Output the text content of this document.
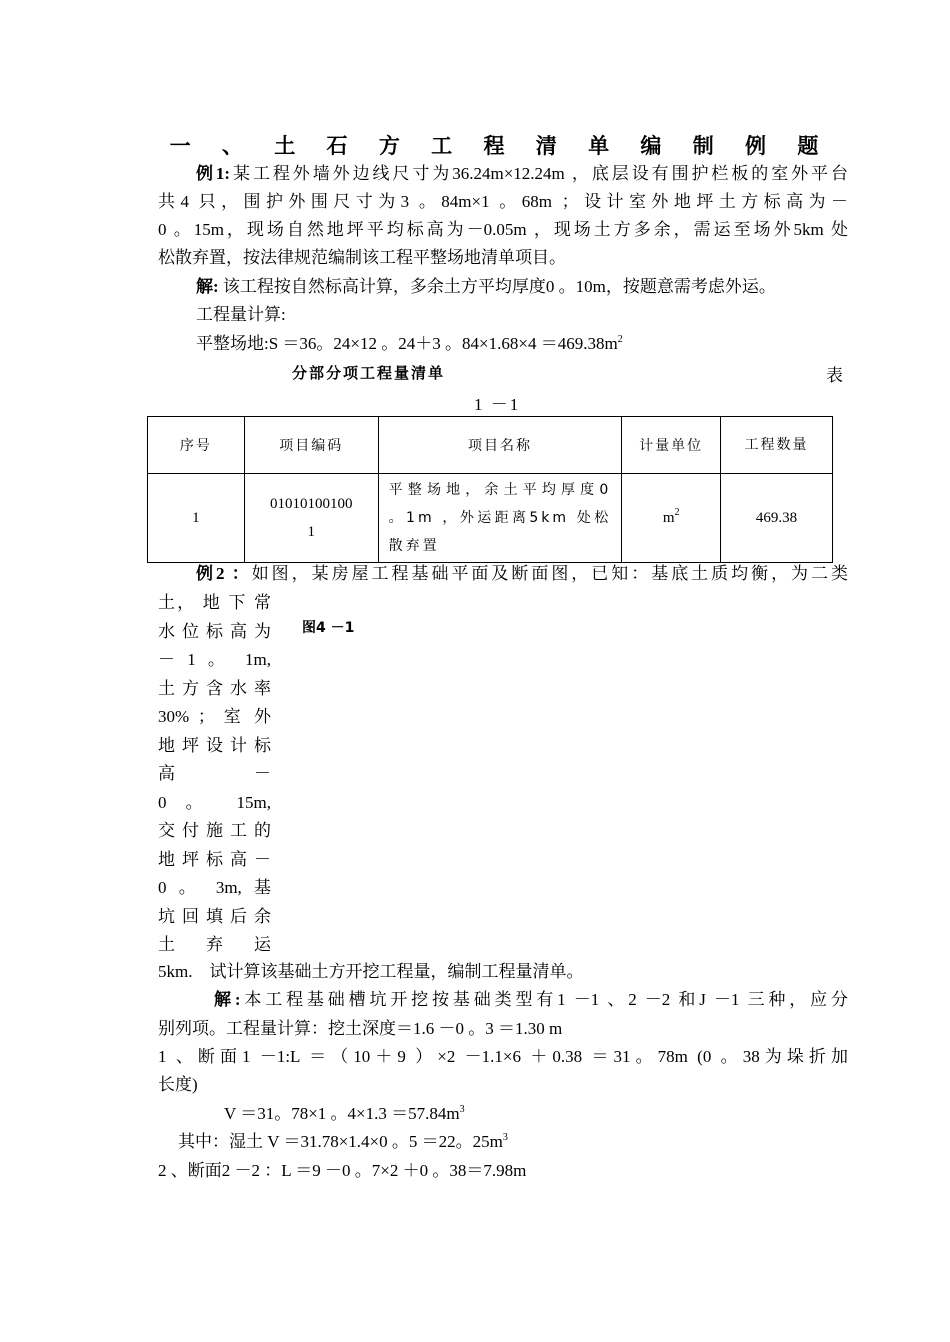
一 、 土 石 方 工 程 清 单 编 制 例 题
例1:某工程外墙外边线尺寸为36.24m×12.24m ，底层设有围护栏板的室外平台
共4 只，围护外围尺寸为3 。84m×1 。68m ；设计室外地坪土方标高为－
0 。15m，现场自然地坪平均标高为－0.05m ，现场土方多余，需运至场外5km 处
松散弃置，按法律规范编制该工程平整场地清单项目。
解: 该工程按自然标高计算，多余土方平均厚度0 。10m，按题意需考虑外运。
工程量计算:
平整场地:S ＝36。24×12 。24＋3 。$84\times 1.68\times 4 =469.38m^2$
分部分项工程量清单	表
1 －1
序号	项目编码	项目名称	计量单位	工程数量
1	010101001001	平整场地，余土平均厚度0 。1m ，外运距离5km 处松散弃置	$m^2$	469.38
例2 ：如图，某房屋工程基础平面及断面图，已知：基底土质均衡，为二类
土， 地 下 常
水 位 标 高 为
－ 1 。 1m,
土 方 含 水 率
30% ； 室 外
地 坪 设 计 标
高 －
0 。 15m,
交 付 施 工 的
地 坪 标 高 －
0 。 3m, 基
坑 回 填 后 余
土 弃 运
图4 －1
5km.　试计算该基础土方开挖工程量，编制工程量清单。
解:本工程基础槽坑开挖按基础类型有1 －1 、2 －2 和J －1 三种，应分
别列项。工程量计算：挖土深度＝1.6 －0 。3 ＝1.30 m
1 、断面1 －1:L ＝（10＋9 ）×2 －1.1×6 ＋0.38 ＝31。78m (0 。38为垛折加
长度)
V ＝31。78×1 。$4\times 1.3 =57.84m^3$
其中：湿土 V ＝31.78×1.4×0 。5 ＝22。$25m^3$
2 、断面2 －2 ：L ＝9 －0 。7×2 ＋0 。38＝7.98m
